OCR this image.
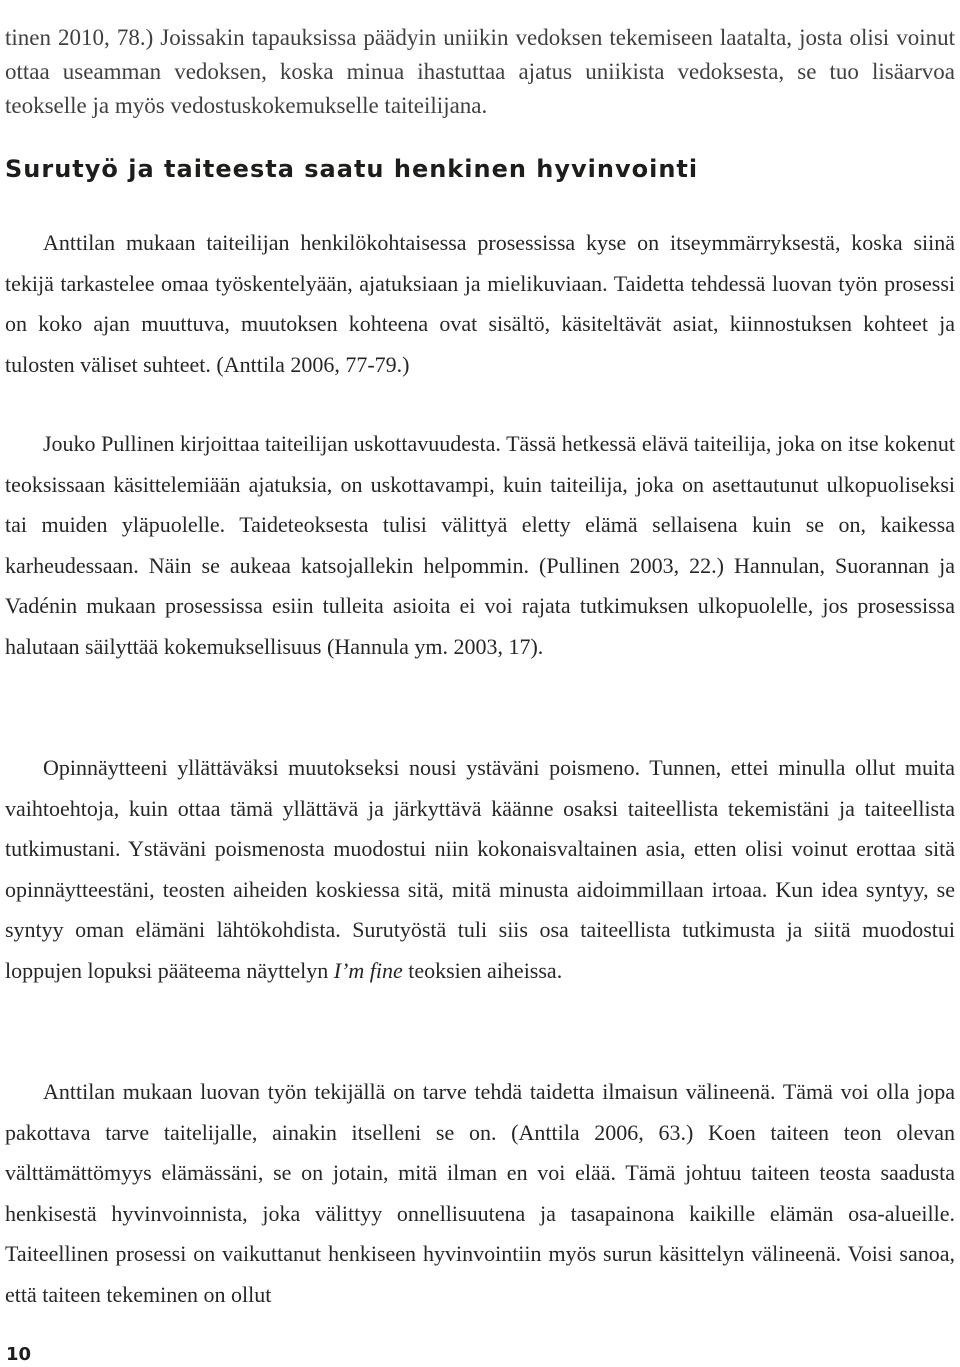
tinen 2010, 78.) Joissakin tapauksissa päädyin uniikin vedoksen tekemiseen laatalta, josta olisi voinut ottaa useamman vedoksen, koska minua ihastuttaa ajatus uniikista vedoksesta, se tuo lisäarvoa teokselle ja myös vedostuskokemukselle taiteilijana.

Surutyö ja taiteesta saatu henkinen hyvinvointi

Anttilan mukaan taiteilijan henkilökohtaisessa prosessissa kyse on itseymmärryksestä, koska siinä tekijä tarkastelee omaa työskentelyään, ajatuksiaan ja mielikuviaan. Taidetta tehdessä luovan työn prosessi on koko ajan muuttuva, muutoksen kohteena ovat sisältö, käsiteltävät asiat, kiinnostuksen kohteet ja tulosten väliset suhteet. (Anttila 2006, 77-79.)

Jouko Pullinen kirjoittaa taiteilijan uskottavuudesta. Tässä hetkessä elävä taiteilija, joka on itse kokenut teoksissaan käsittelemiään ajatuksia, on uskottavampi, kuin taiteilija, joka on asettautunut ulkopuoliseksi tai muiden yläpuolelle. Taideteoksesta tulisi välittyä eletty elämä sellaisena kuin se on, kaikessa karheudessaan. Näin se aukeaa katsojallekin helpommin. (Pullinen 2003, 22.) Hannulan, Suorannan ja Vadénin mukaan prosessissa esiin tulleita asioita ei voi rajata tutkimuksen ulkopuolelle, jos prosessissa halutaan säilyttää kokemuksellisuus (Hannula ym. 2003, 17).

Opinnäytteeni yllättäväksi muutokseksi nousi ystäväni poismeno. Tunnen, ettei minulla ollut muita vaihtoehtoja, kuin ottaa tämä yllättävä ja järkyttävä käänne osaksi taiteellista tekemistäni ja taiteellista tutkimustani. Ystäväni poismenosta muodostui niin kokonaisvaltainen asia, etten olisi voinut erottaa sitä opinnäytteestäni, teosten aiheiden koskiessa sitä, mitä minusta aidoimmillaan irtoaa. Kun idea syntyy, se syntyy oman elämäni lähtökohdista. Surutyöstä tuli siis osa taiteellista tutkimusta ja siitä muodostui loppujen lopuksi pääteema näyttelyn I’m fine teoksien aiheissa.

Anttilan mukaan luovan työn tekijällä on tarve tehdä taidetta ilmaisun välineenä. Tämä voi olla jopa pakottava tarve taitelijalle, ainakin itselleni se on. (Anttila 2006, 63.) Koen taiteen teon olevan välttämättömyys elämässäni, se on jotain, mitä ilman en voi elää. Tämä johtuu taiteen teosta saadusta henkisestä hyvinvoinnista, joka välittyy onnellisuutena ja tasapainona kaikille elämän osa-alueille. Taiteellinen prosessi on vaikuttanut henkiseen hyvinvointiin myös surun käsittelyn välineenä. Voisi sanoa, että taiteen tekeminen on ollut

10
